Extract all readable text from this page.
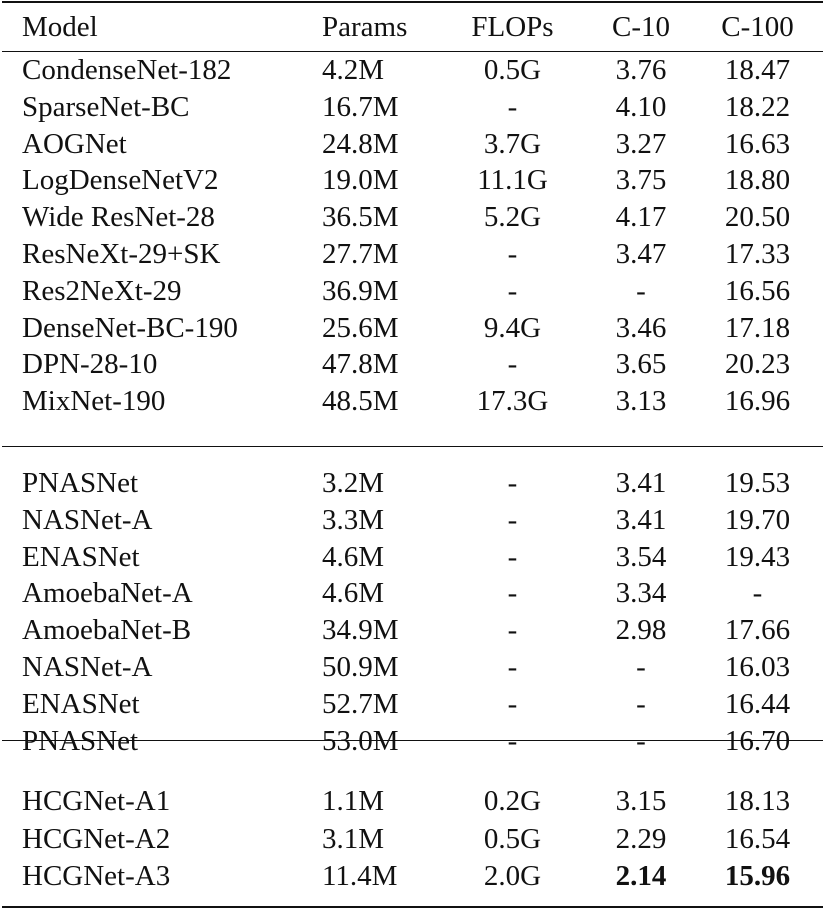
Model	Params	FLOPs	C-10	C-100
CondenseNet-182	4.2M	0.5G	3.76	18.47
SparseNet-BC	16.7M	-	4.10	18.22
AOGNet	24.8M	3.7G	3.27	16.63
LogDenseNetV2	19.0M	11.1G	3.75	18.80
Wide ResNet-28	36.5M	5.2G	4.17	20.50
ResNeXt-29+SK	27.7M	-	3.47	17.33
Res2NeXt-29	36.9M	-	-	16.56
DenseNet-BC-190	25.6M	9.4G	3.46	17.18
DPN-28-10	47.8M	-	3.65	20.23
MixNet-190	48.5M	17.3G	3.13	16.96
PNASNet	3.2M	-	3.41	19.53
NASNet-A	3.3M	-	3.41	19.70
ENASNet	4.6M	-	3.54	19.43
AmoebaNet-A	4.6M	-	3.34	-
AmoebaNet-B	34.9M	-	2.98	17.66
NASNet-A	50.9M	-	-	16.03
ENASNet	52.7M	-	-	16.44
PNASNet	53.0M	-	-	16.70
HCGNet-A1	1.1M	0.2G	3.15	18.13
HCGNet-A2	3.1M	0.5G	2.29	16.54
HCGNet-A3	11.4M	2.0G	2.14	15.96
